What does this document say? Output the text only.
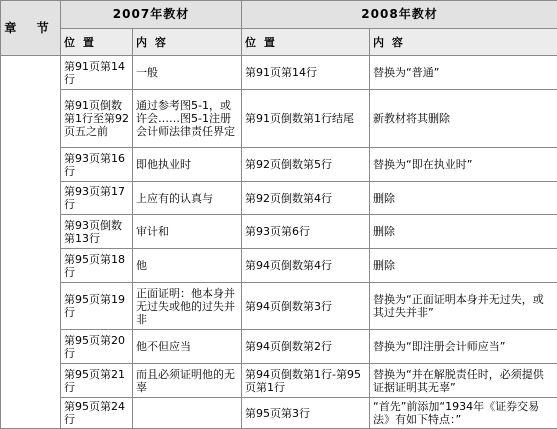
章 节	2007年教材		2008年教材	
	位 置	内 容	位 置	内 容
	第91页第14行	一般	第91页第14行	替换为“普通”
	第91页倒数第1行至第92页五之前	通过参考图5-1，或许会……图5-1注册会计师法律责任界定	第91页倒数第1行结尾	新教材将其删除
	第93页第16行	即他执业时	第92页倒数第5行	替换为“即在执业时”
	第93页第17行	上应有的认真与	第92页倒数第4行	删除
	第93页倒数第13行	审计和	第93页第6行	删除
	第95页第18行	他	第94页倒数第4行	删除
	第95页第19行	正面证明：他本身并无过失或他的过失并非	第94页倒数第3行	替换为“正面证明本身并无过失，或其过失并非”
	第95页第20行	他不但应当	第94页倒数第2行	替换为“即注册会计师应当”
	第95页第21行	而且必须证明他的无辜	第94页倒数第1行-第95页第1行	替换为“并在解脱责任时，必须提供证据证明其无辜”
	第95页第24行		第95页第3行	“首先”前添加“1934年《证券交易法》有如下特点：”
